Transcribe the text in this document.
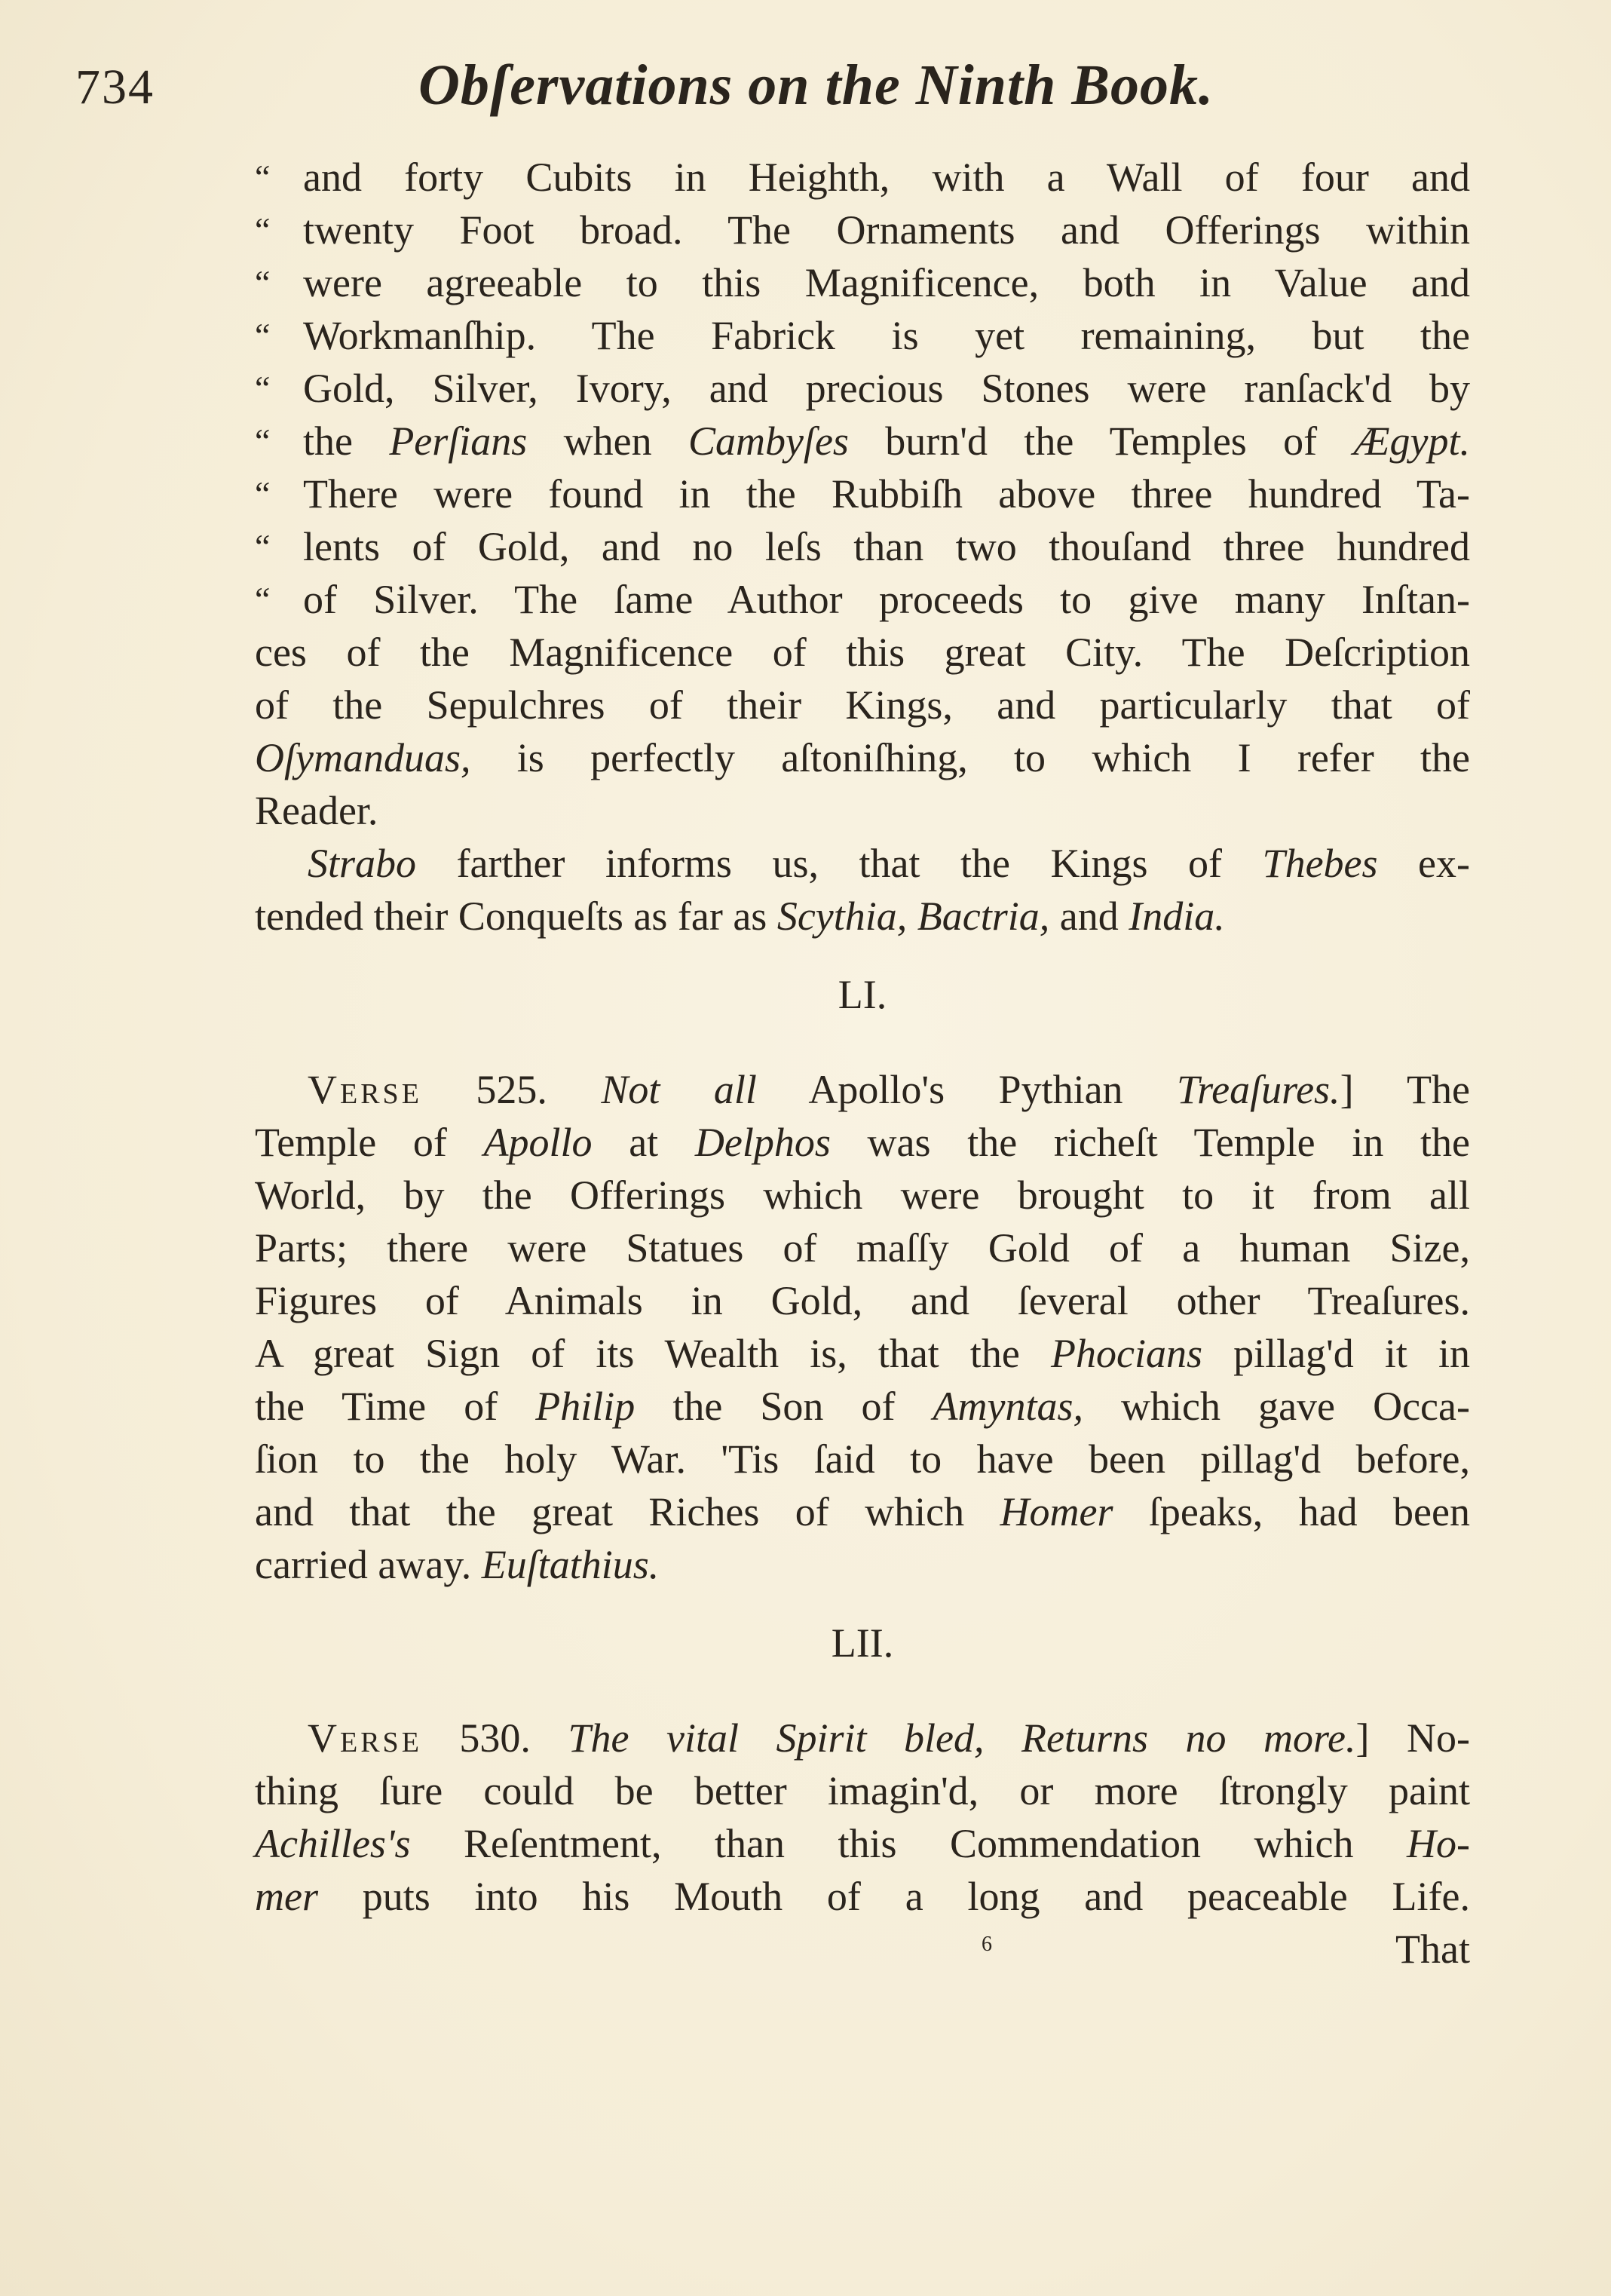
734	Obſervations on the Ninth Book.
“ and forty Cubits in Heighth, with a Wall of four and
“ twenty Foot broad. The Ornaments and Offerings within
“ were agreeable to this Magnificence, both in Value and
“ Workmanſhip. The Fabrick is yet remaining, but the
“ Gold, Silver, Ivory, and precious Stones were ranſack'd by
“ the Perſians when Cambyſes burn'd the Temples of Ægypt.
“ There were found in the Rubbiſh above three hundred Ta-
“ lents of Gold, and no leſs than two thouſand three hundred
“ of Silver. The ſame Author proceeds to give many Inſtan-
ces of the Magnificence of this great City. The Deſcription
of the Sepulchres of their Kings, and particularly that of
Oſymanduas, is perfectly aſtoniſhing, to which I refer the
Reader.
Strabo farther informs us, that the Kings of Thebes ex-
tended their Conqueſts as far as Scythia, Bactria, and India.
LI.
Verse 525. Not all Apollo's Pythian Treaſures.] The
Temple of Apollo at Delphos was the richeſt Temple in the
World, by the Offerings which were brought to it from all
Parts; there were Statues of maſſy Gold of a human Size,
Figures of Animals in Gold, and ſeveral other Treaſures.
A great Sign of its Wealth is, that the Phocians pillag'd it in
the Time of Philip the Son of Amyntas, which gave Occa-
ſion to the holy War. 'Tis ſaid to have been pillag'd before,
and that the great Riches of which Homer ſpeaks, had been
carried away. Euſtathius.
LII.
Verse 530. The vital Spirit bled, Returns no more.] No-
thing ſure could be better imagin'd, or more ſtrongly paint
Achilles's Reſentment, than this Commendation which Ho-
mer puts into his Mouth of a long and peaceable Life.
6	That
